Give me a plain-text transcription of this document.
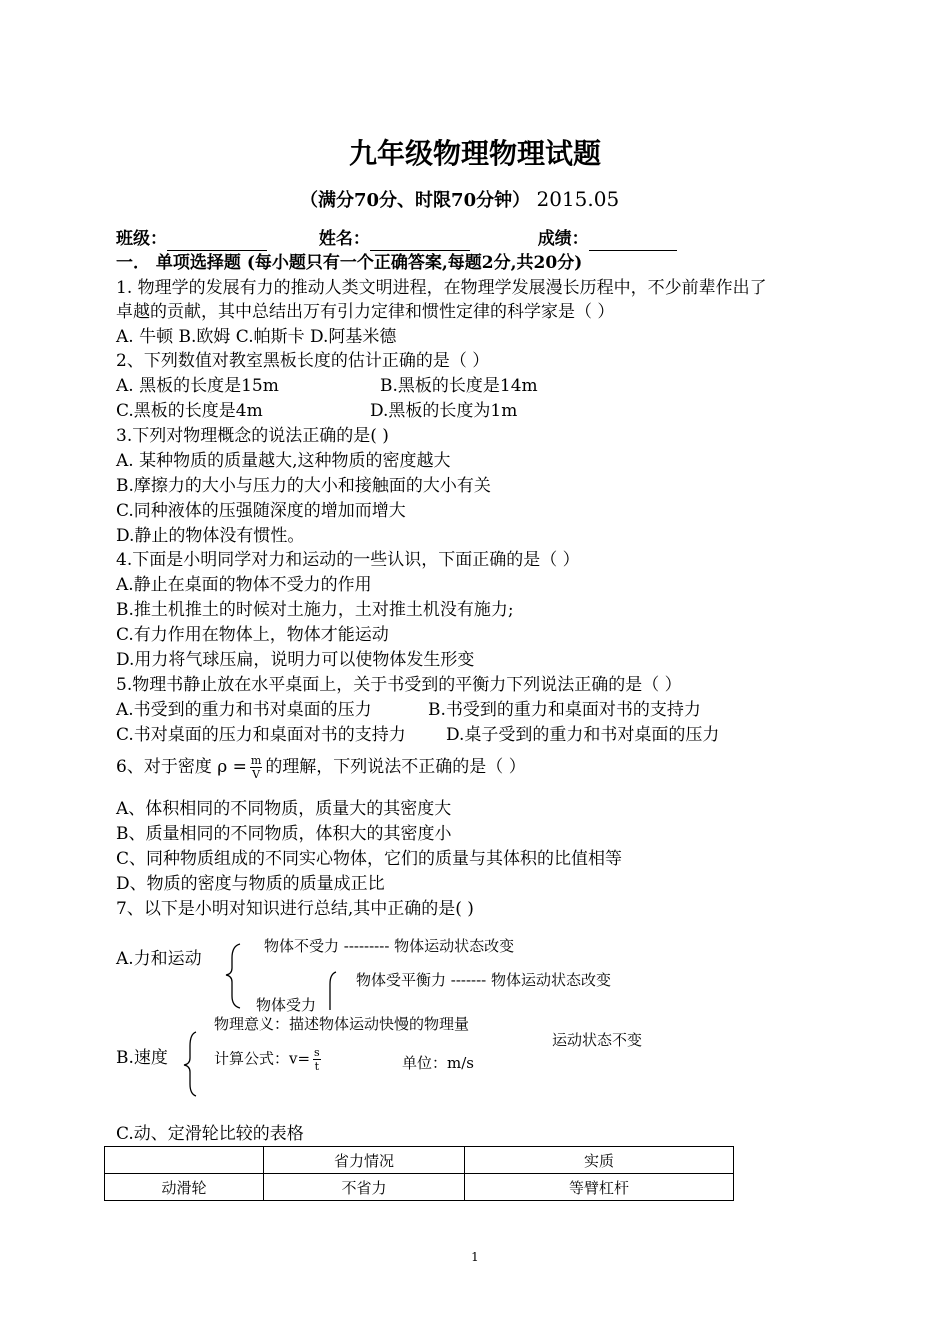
九年级物理物理试题
（满分70分、时限70分钟） 2015.05
班级：	姓名：	成绩：
一． 单项选择题 (每小题只有一个正确答案,每题2分,共20分)
1. 物理学的发展有力的推动人类文明进程，在物理学发展漫长历程中，不少前辈作出了
卓越的贡献，其中总结出万有引力定律和惯性定律的科学家是（ ）
A. 牛顿 B.欧姆 C.帕斯卡 D.阿基米德
2、下列数值对教室黑板长度的估计正确的是（ ）
A. 黑板的长度是15m	B.黑板的长度是14m
C.黑板的长度是4m	D.黑板的长度为1m
3.下列对物理概念的说法正确的是( )
A. 某种物质的质量越大,这种物质的密度越大
B.摩擦力的大小与压力的大小和接触面的大小有关
C.同种液体的压强随深度的增加而增大
D.静止的物体没有惯性。
4.下面是小明同学对力和运动的一些认识，下面正确的是（ ）
A.静止在桌面的物体不受力的作用
B.推土机推土的时候对土施力，土对推土机没有施力;
C.有力作用在物体上，物体才能运动
D.用力将气球压扁，说明力可以使物体发生形变
5.物理书静止放在水平桌面上，关于书受到的平衡力下列说法正确的是（ ）
A.书受到的重力和书对桌面的压力	B.书受到的重力和桌面对书的支持力
C.书对桌面的压力和桌面对书的支持力 D.桌子受到的重力和书对桌面的压力
6、对于密度 $\rho = \frac{m}{V}$ 的理解，下列说法不正确的是（ ）
A、体积相同的不同物质，质量大的其密度大
B、质量相同的不同物质，体积大的其密度小
C、同种物质组成的不同实心物体，它们的质量与其体积的比值相等
D、物质的密度与物质的质量成正比
7、以下是小明对知识进行总结,其中正确的是( )
A.力和运动
物体不受力 --------- 物体运动状态改变
物体受平衡力 ------- 物体运动状态改变
物体受力
物理意义：描述物体运动快慢的物理量
运动状态不变
B.速度	计算公式：$v= \frac{s}{t}$	单位：m/s
C.动、定滑轮比较的表格
	省力情况	实质
动滑轮	不省力	等臂杠杆
1
